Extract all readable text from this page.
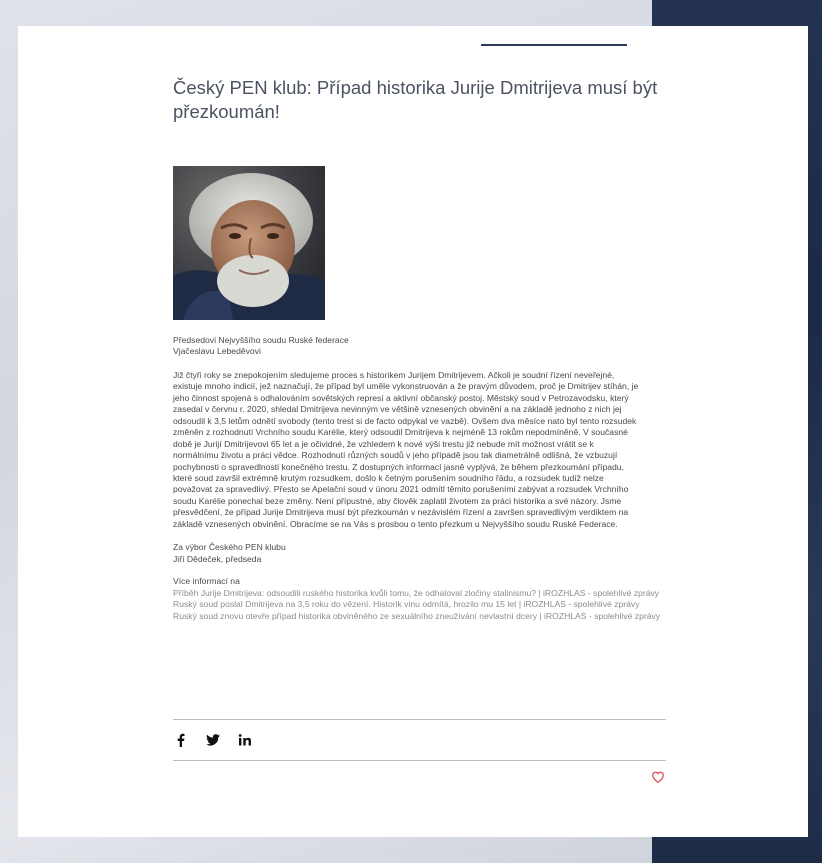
Český PEN klub: Případ historika Jurije Dmitrijeva musí být přezkoumán!

Předsedovi Nejvyššího soudu Ruské federace

Vjačeslavu Lebeděvovi

Již čtyři roky se znepokojením sledujeme proces s historikem Jurijem Dmitrijevem. Ačkoli je soudní řízení neveřejné,

existuje mnoho indicií, jež naznačují, že případ byl uměle vykonstruován a že pravým důvodem, proč je Dmitrijev stíhán, je

jeho činnost spojená s odhalováním sovětských represí a aktivní občanský postoj. Městský soud v Petrozavodsku, který

zasedal v červnu r. 2020, shledal Dmitrijeva nevinným ve většině vznesených obvinění a na základě jednoho z nich jej

odsoudil k 3,5 letům odnětí svobody (tento trest si de facto odpykal ve vazbě). Ovšem dva měsíce nato byl tento rozsudek

změněn z rozhodnutí Vrchního soudu Karélie, který odsoudil Dmitrijeva k nejméně 13 rokům nepodmíněně. V současné

době je Jurijí Dmitrijevovi 65 let a je očividné, že vzhledem k nové výši trestu již nebude mít možnost vrátit se k

normálnímu životu a práci vědce. Rozhodnutí různých soudů v jeho případě jsou tak diametrálně odlišná, že vzbuzují

pochybnosti o spravedlnosti konečného trestu. Z dostupných informací jasně vyplývá, že během přezkoumání případu,

které soud završil extrémně krutým rozsudkem, došlo k četným porušením soudního řádu, a rozsudek tudíž nelze

považovat za spravedlivý. Přesto se Apelační soud v únoru 2021 odmítl těmito porušeními zabývat a rozsudek Vrchního

soudu Karélie ponechal beze změny. Není přípustné, aby člověk zaplatil životem za práci historika a své názory. Jsme

přesvědčení, že případ Jurije Dmitrijeva musí být přezkoumán v nezávislém řízení a završen spravedlivým verdiktem na

základě vznesených obvinění. Obracíme se na Vás s prosbou o tento přezkum u Nejvyššího soudu Ruské Federace.

Za výbor Českého PEN klubu

Jiří Dědeček, předseda

Více informací na

Příběh Jurije Dmitrijeva: odsoudili ruského historika kvůli tomu, že odhaloval zločiny stalinismu? | iROZHLAS - spolehlivé zprávy
Ruský soud poslal Dmitrijeva na 3,5 roku do vězení. Historik vinu odmítá, hrozilo mu 15 let | iROZHLAS - spolehlivé zprávy
Ruský soud znovu otevře případ historika obviněného ze sexuálního zneužívání nevlastní dcery | iROZHLAS - spolehlivé zprávy
